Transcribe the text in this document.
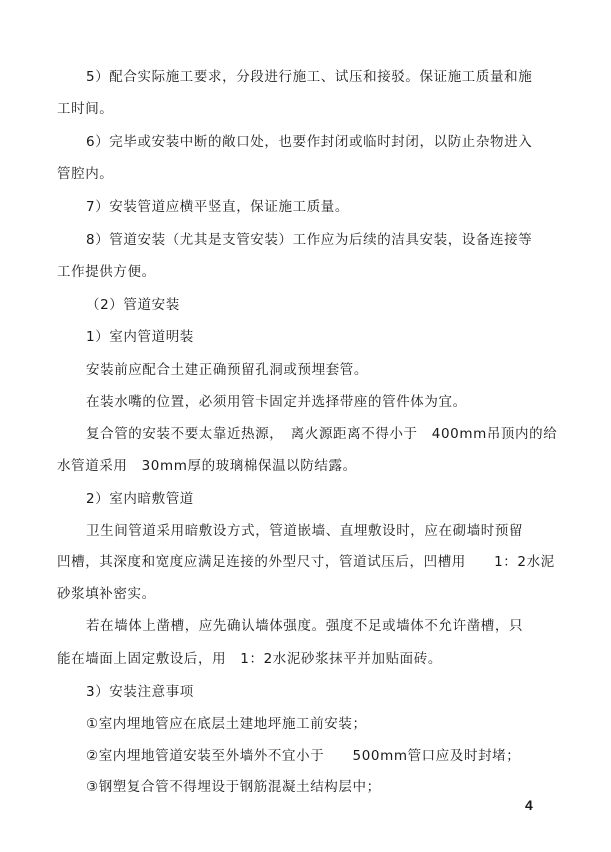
5）配合实际施工要求，分段进行施工、试压和接驳。保证施工质量和施
工时间。
6）完毕或安装中断的敞口处，也要作封闭或临时封闭，以防止杂物进入
管腔内。
7）安装管道应横平竖直，保证施工质量。
8）管道安装（尤其是支管安装）工作应为后续的洁具安装，设备连接等
工作提供方便。
（2）管道安装
1）室内管道明装
安装前应配合土建正确预留孔洞或预埋套管。
在装水嘴的位置，必须用管卡固定并选择带座的管件体为宜。
复合管的安装不要太靠近热源，　离火源距离不得小于　400mm吊顶内的给
水管道采用　30mm厚的玻璃棉保温以防结露。
2）室内暗敷管道
卫生间管道采用暗敷设方式，管道嵌墙、直埋敷设时，应在砌墙时预留
凹槽，其深度和宽度应满足连接的外型尺寸，管道试压后，凹槽用　　1：2水泥
砂浆填补密实。
若在墙体上凿槽，应先确认墙体强度。强度不足或墙体不允许凿槽，只
能在墙面上固定敷设后，用　1：2水泥砂浆抹平并加贴面砖。
3）安装注意事项
①室内埋地管应在底层土建地坪施工前安装；
②室内埋地管道安装至外墙外不宜小于　　500mm管口应及时封堵；
③钢塑复合管不得埋设于钢筋混凝土结构层中；
4
